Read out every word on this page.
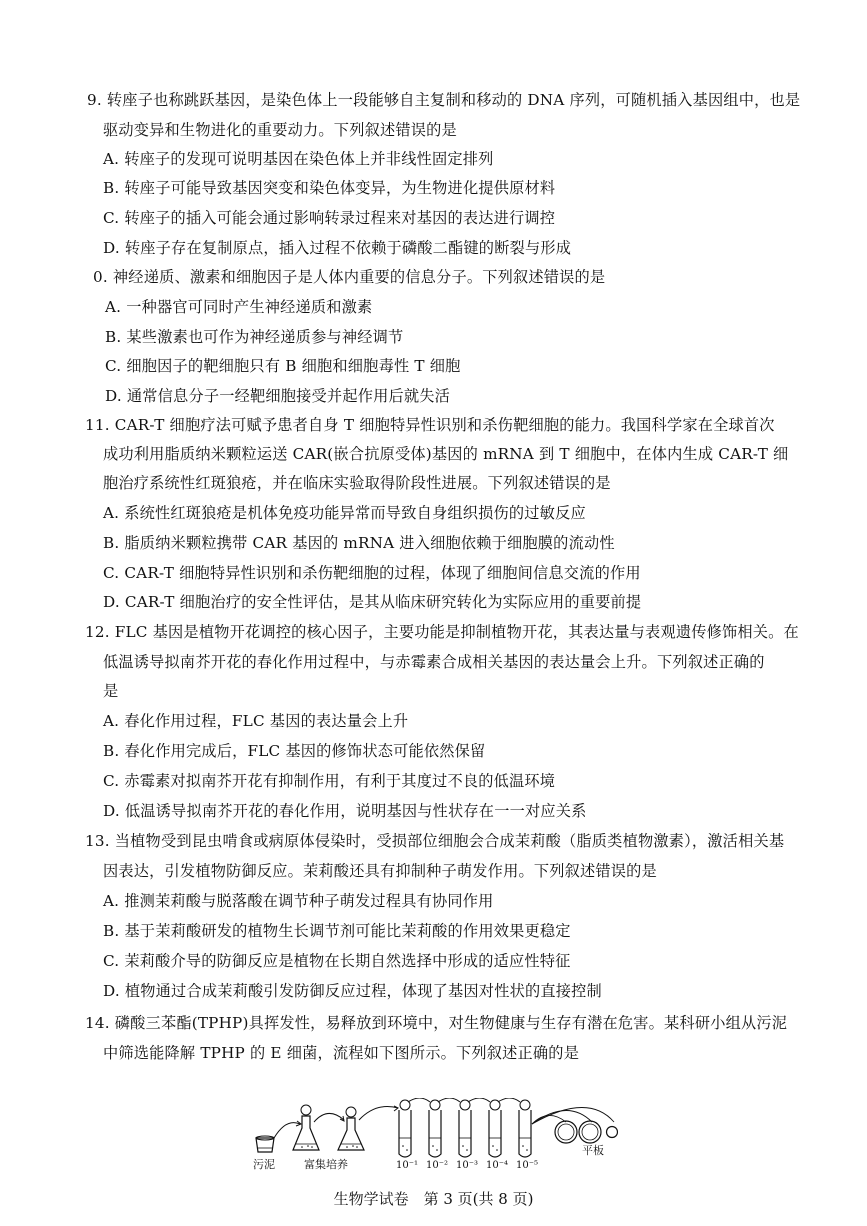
9. 转座子也称跳跃基因，是染色体上一段能够自主复制和移动的 DNA 序列，可随机插入基因组中，也是
驱动变异和生物进化的重要动力。下列叙述错误的是
A. 转座子的发现可说明基因在染色体上并非线性固定排列
B. 转座子可能导致基因突变和染色体变异，为生物进化提供原材料
C. 转座子的插入可能会通过影响转录过程来对基因的表达进行调控
D. 转座子存在复制原点，插入过程不依赖于磷酸二酯键的断裂与形成
0. 神经递质、激素和细胞因子是人体内重要的信息分子。下列叙述错误的是
A. 一种器官可同时产生神经递质和激素
B. 某些激素也可作为神经递质参与神经调节
C. 细胞因子的靶细胞只有 B 细胞和细胞毒性 T 细胞
D. 通常信息分子一经靶细胞接受并起作用后就失活
11. CAR-T 细胞疗法可赋予患者自身 T 细胞特异性识别和杀伤靶细胞的能力。我国科学家在全球首次
成功利用脂质纳米颗粒运送 CAR(嵌合抗原受体)基因的 mRNA 到 T 细胞中，在体内生成 CAR-T 细
胞治疗系统性红斑狼疮，并在临床实验取得阶段性进展。下列叙述错误的是
A. 系统性红斑狼疮是机体免疫功能异常而导致自身组织损伤的过敏反应
B. 脂质纳米颗粒携带 CAR 基因的 mRNA 进入细胞依赖于细胞膜的流动性
C. CAR-T 细胞特异性识别和杀伤靶细胞的过程，体现了细胞间信息交流的作用
D. CAR-T 细胞治疗的安全性评估，是其从临床研究转化为实际应用的重要前提
12. FLC 基因是植物开花调控的核心因子，主要功能是抑制植物开花，其表达量与表观遗传修饰相关。在
低温诱导拟南芥开花的春化作用过程中，与赤霉素合成相关基因的表达量会上升。下列叙述正确的
是
A. 春化作用过程，FLC 基因的表达量会上升
B. 春化作用完成后，FLC 基因的修饰状态可能依然保留
C. 赤霉素对拟南芥开花有抑制作用，有利于其度过不良的低温环境
D. 低温诱导拟南芥开花的春化作用，说明基因与性状存在一一对应关系
13. 当植物受到昆虫啃食或病原体侵染时，受损部位细胞会合成茉莉酸（脂质类植物激素），激活相关基
因表达，引发植物防御反应。茉莉酸还具有抑制种子萌发作用。下列叙述错误的是
A. 推测茉莉酸与脱落酸在调节种子萌发过程具有协同作用
B. 基于茉莉酸研发的植物生长调节剂可能比茉莉酸的作用效果更稳定
C. 茉莉酸介导的防御反应是植物在长期自然选择中形成的适应性特征
D. 植物通过合成茉莉酸引发防御反应过程，体现了基因对性状的直接控制
14. 磷酸三苯酯(TPHP)具挥发性，易释放到环境中，对生物健康与生存有潜在危害。某科研小组从污泥
中筛选能降解 TPHP 的 E 细菌，流程如下图所示。下列叙述正确的是
污泥	富集培养
平板
10⁻¹ 10⁻² 10⁻³ 10⁻⁴ 10⁻⁵
生物学试卷　第 3 页(共 8 页)
